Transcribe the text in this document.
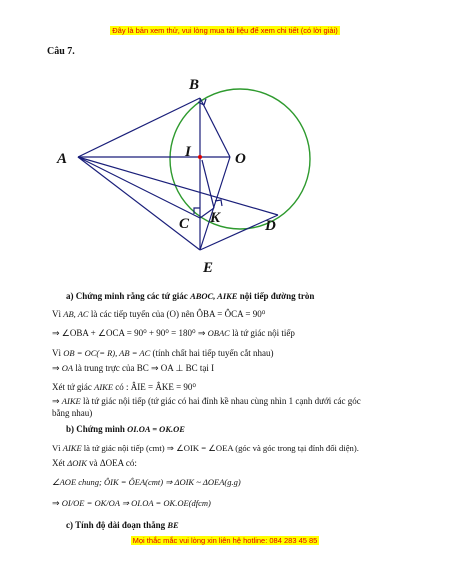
Đây là bản xem thử, vui lòng mua tài liệu để xem chi tiết (có lời giải)
Câu 7.
B
A	I	O
C K	D
E
a) Chứng minh rằng các tứ giác ABOC, AIKE nội tiếp đường tròn
Vì AB, AC là các tiếp tuyến của (O) nên ÔBA = ÔCA = 90⁰
⇒ ∠OBA + ∠OCA = 90⁰ + 90⁰ = 180⁰ ⇒ OBAC là tứ giác nội tiếp
Vì OB = OC(= R), AB = AC (tính chất hai tiếp tuyến cắt nhau)
⇒ OA là trung trực của BC ⇒ OA ⊥ BC tại I
Xét tứ giác AIKE có : ÂIE = ÂKE = 90⁰
⇒ AIKE là tứ giác nội tiếp (tứ giác có hai đỉnh kề nhau cùng nhìn 1 cạnh dưới các góc
bằng nhau)
b) Chứng minh OI.OA = OK.OE
Vì AIKE là tứ giác nội tiếp (cmt) ⇒ ∠OIK = ∠OEA (góc và góc trong tại đỉnh đối diện).
Xét ΔOIK và ΔOEA có:
∠AOE chung; ÔIK = ÔEA(cmt) ⇒ ΔOIK ~ ΔOEA(g.g)
⇒ OI/OE = OK/OA ⇒ OI.OA = OK.OE(dfcm)
c) Tính độ dài đoạn thẳng BE
Mọi thắc mắc vui lòng xin liên hệ hotline: 084 283 45 85
